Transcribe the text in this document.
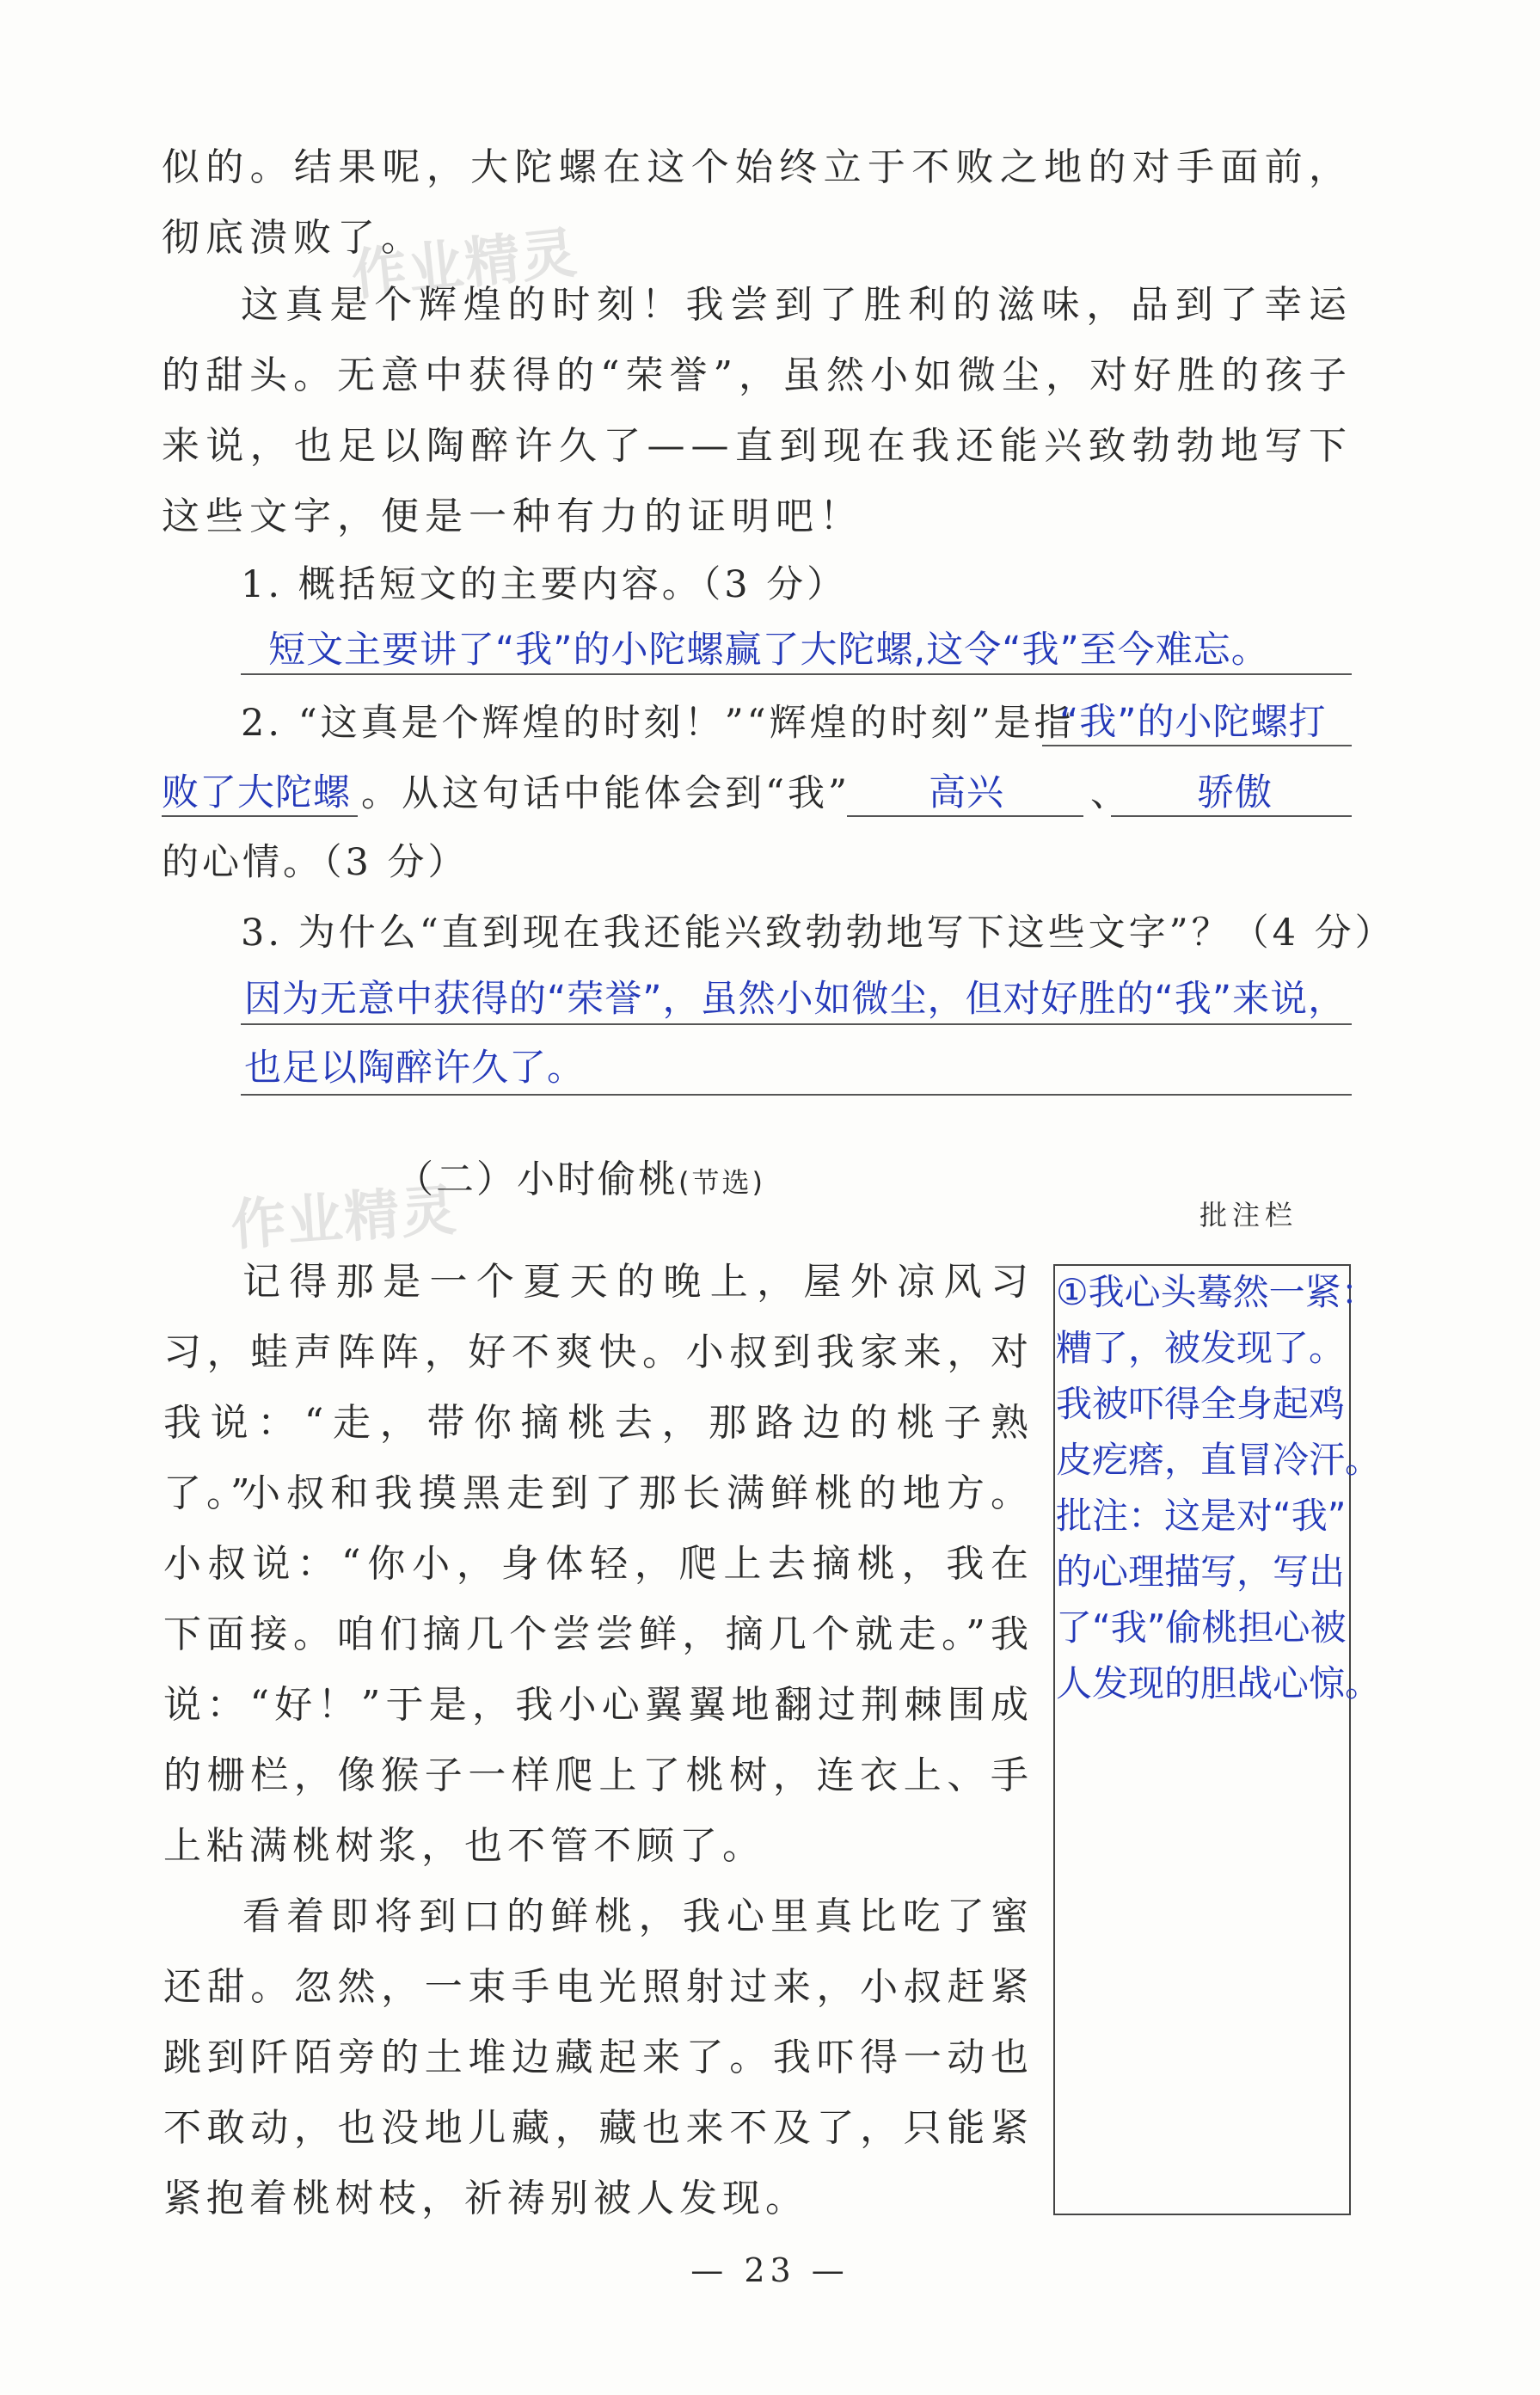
作业精灵
作业精灵

似的。结果呢，大陀螺在这个始终立于不败之地的对手面前，彻底溃败了。

这真是个辉煌的时刻！我尝到了胜利的滋味，品到了幸运的甜头。无意中获得的“荣誉”，虽然小如微尘，对好胜的孩子来说，也足以陶醉许久了——直到现在我还能兴致勃勃地写下这些文字，便是一种有力的证明吧！

1. 概括短文的主要内容。（3 分）

短文主要讲了“我”的小陀螺赢了大陀螺,这令“我”至今难忘。

2. “这真是个辉煌的时刻！”“辉煌的时刻”是指

“我”的小陀螺打
败了大陀螺 。从这句话中能体会到“我” 高兴 、 骄傲

的心情。（3 分）

3. 为什么“直到现在我还能兴致勃勃地写下这些文字”？（4 分）

因为无意中获得的“荣誉”，虽然小如微尘，但对好胜的“我”来说，
也足以陶醉许久了。
（二）小时偷桃(节选)
批注栏

记得那是一个夏天的晚上，屋外凉风习习，蛙声阵阵，好不爽快。小叔到我家来，对我说：“走，带你摘桃去，那路边的桃子熟了。”

小叔和我摸黑走到了那长满鲜桃的地方。小叔说：“你小，身体轻，爬上去摘桃，我在下面接。咱们摘几个尝尝鲜，摘几个就走。”我说：“好！”于是，我小心翼翼地翻过荆棘围成的栅栏，像猴子一样爬上了桃树，连衣上、手上粘满桃树浆，也不管不顾了。

看着即将到口的鲜桃，我心里真比吃了蜜还甜。忽然，一束手电光照射过来，小叔赶紧跳到阡陌旁的土堆边藏起来了。我吓得一动也不敢动，也没地儿藏，藏也来不及了，只能紧紧抱着桃树枝，祈祷别被人发现。

①我心头蓦然一紧：
糟了，被发现了。
我被吓得全身起鸡
皮疙瘩，直冒冷汗。
批注：这是对“我”
的心理描写，写出
了“我”偷桃担心被
人发现的胆战心惊。
— 23 —
